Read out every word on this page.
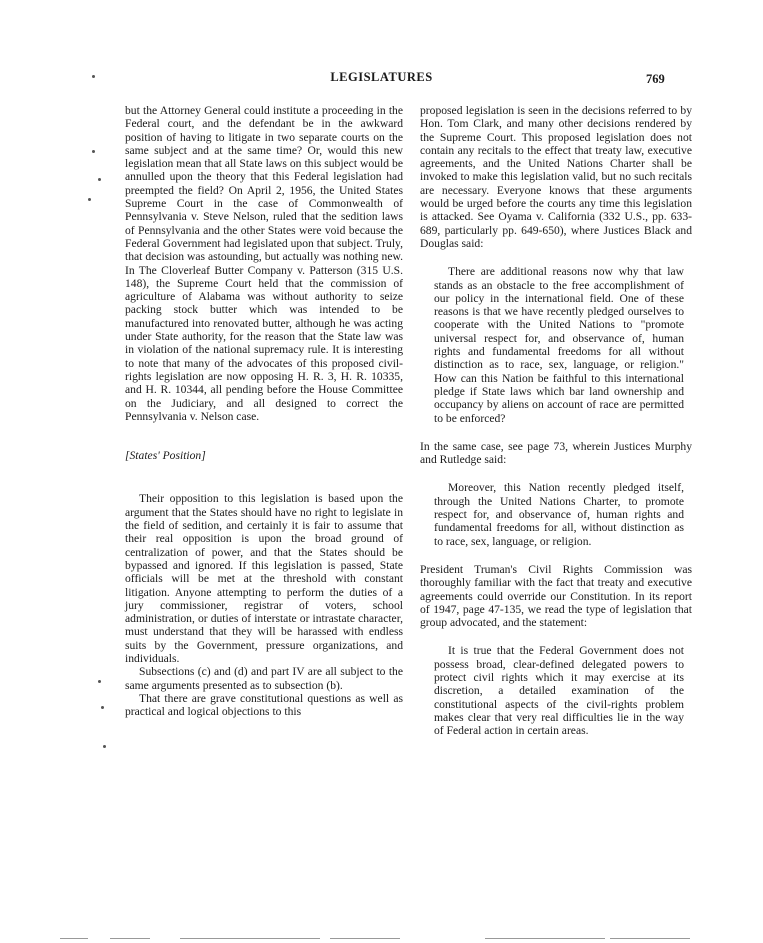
LEGISLATURES	769

but the Attorney General could institute a proceeding in the Federal court, and the defendant be in the awkward position of having to litigate in two separate courts on the same subject and at the same time? Or, would this new legislation mean that all State laws on this subject would be annulled upon the theory that this Federal legislation had preempted the field? On April 2, 1956, the United States Supreme Court in the case of Commonwealth of Pennsylvania v. Steve Nelson, ruled that the sedition laws of Pennsylvania and the other States were void because the Federal Government had legislated upon that subject. Truly, that decision was astounding, but actually was nothing new. In The Cloverleaf Butter Company v. Patterson (315 U.S. 148), the Supreme Court held that the commission of agriculture of Alabama was without authority to seize packing stock butter which was intended to be manufactured into renovated butter, although he was acting under State authority, for the reason that the State law was in violation of the national supremacy rule. It is interesting to note that many of the advocates of this proposed civil-rights legislation are now opposing H. R. 3, H. R. 10335, and H. R. 10344, all pending before the House Committee on the Judiciary, and all designed to correct the Pennsylvania v. Nelson case.

[States' Position]

Their opposition to this legislation is based upon the argument that the States should have no right to legislate in the field of sedition, and certainly it is fair to assume that their real opposition is upon the broad ground of centralization of power, and that the States should be bypassed and ignored. If this legislation is passed, State officials will be met at the threshold with constant litigation. Anyone attempting to perform the duties of a jury commissioner, registrar of voters, school administration, or duties of interstate or intrastate character, must understand that they will be harassed with endless suits by the Government, pressure organizations, and individuals.

Subsections (c) and (d) and part IV are all subject to the same arguments presented as to subsection (b).

That there are grave constitutional questions as well as practical and logical objections to this

proposed legislation is seen in the decisions referred to by Hon. Tom Clark, and many other decisions rendered by the Supreme Court. This proposed legislation does not contain any recitals to the effect that treaty law, executive agreements, and the United Nations Charter shall be invoked to make this legislation valid, but no such recitals are necessary. Everyone knows that these arguments would be urged before the courts any time this legislation is attacked. See Oyama v. California (332 U.S., pp. 633-689, particularly pp. 649-650), where Justices Black and Douglas said:

There are additional reasons now why that law stands as an obstacle to the free accomplishment of our policy in the international field. One of these reasons is that we have recently pledged ourselves to cooperate with the United Nations to "promote universal respect for, and observance of, human rights and fundamental freedoms for all without distinction as to race, sex, language, or religion." How can this Nation be faithful to this international pledge if State laws which bar land ownership and occupancy by aliens on account of race are permitted to be enforced?

In the same case, see page 73, wherein Justices Murphy and Rutledge said:

Moreover, this Nation recently pledged itself, through the United Nations Charter, to promote respect for, and observance of, human rights and fundamental freedoms for all, without distinction as to race, sex, language, or religion.

President Truman's Civil Rights Commission was thoroughly familiar with the fact that treaty and executive agreements could override our Constitution. In its report of 1947, page 47-135, we read the type of legislation that group advocated, and the statement:

It is true that the Federal Government does not possess broad, clear-defined delegated powers to protect civil rights which it may exercise at its discretion, a detailed examination of the constitutional aspects of the civil-rights problem makes clear that very real difficulties lie in the way of Federal action in certain areas.
